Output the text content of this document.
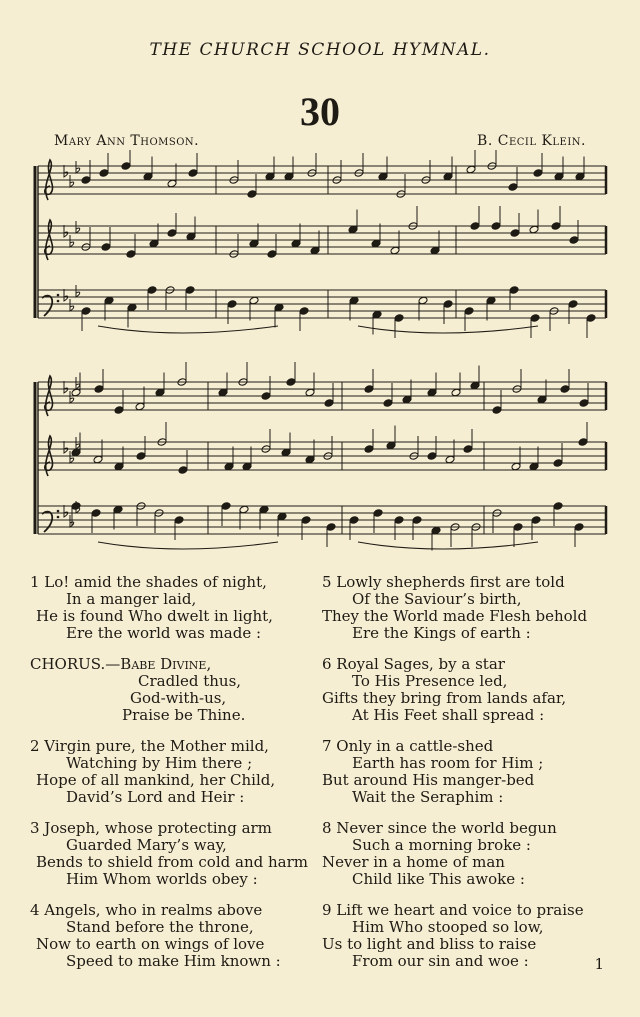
THE CHURCH SCHOOL HYMNAL.
30
Mary Ann Thomson.	B. Cecil Klein.
1 Lo! amid the shades of night,
In a manger laid,
He is found Who dwelt in light,
Ere the world was made :
CHORUS.—Babe Divine,
Cradled thus,
God-with-us,
Praise be Thine.
2 Virgin pure, the Mother mild,
Watching by Him there ;
Hope of all mankind, her Child,
David’s Lord and Heir :
3 Joseph, whose protecting arm
Guarded Mary’s way,
Bends to shield from cold and harm
Him Whom worlds obey :
4 Angels, who in realms above
Stand before the throne,
Now to earth on wings of love
Speed to make Him known :
5 Lowly shepherds first are told
Of the Saviour’s birth,
They the World made Flesh behold
Ere the Kings of earth :
6 Royal Sages, by a star
To His Presence led,
Gifts they bring from lands afar,
At His Feet shall spread :
7 Only in a cattle-shed
Earth has room for Him ;
But around His manger-bed
Wait the Seraphim :
8 Never since the world begun
Such a morning broke :
Never in a home of man
Child like This awoke :
9 Lift we heart and voice to praise
Him Who stooped so low,
Us to light and bliss to raise
From our sin and woe :	1
